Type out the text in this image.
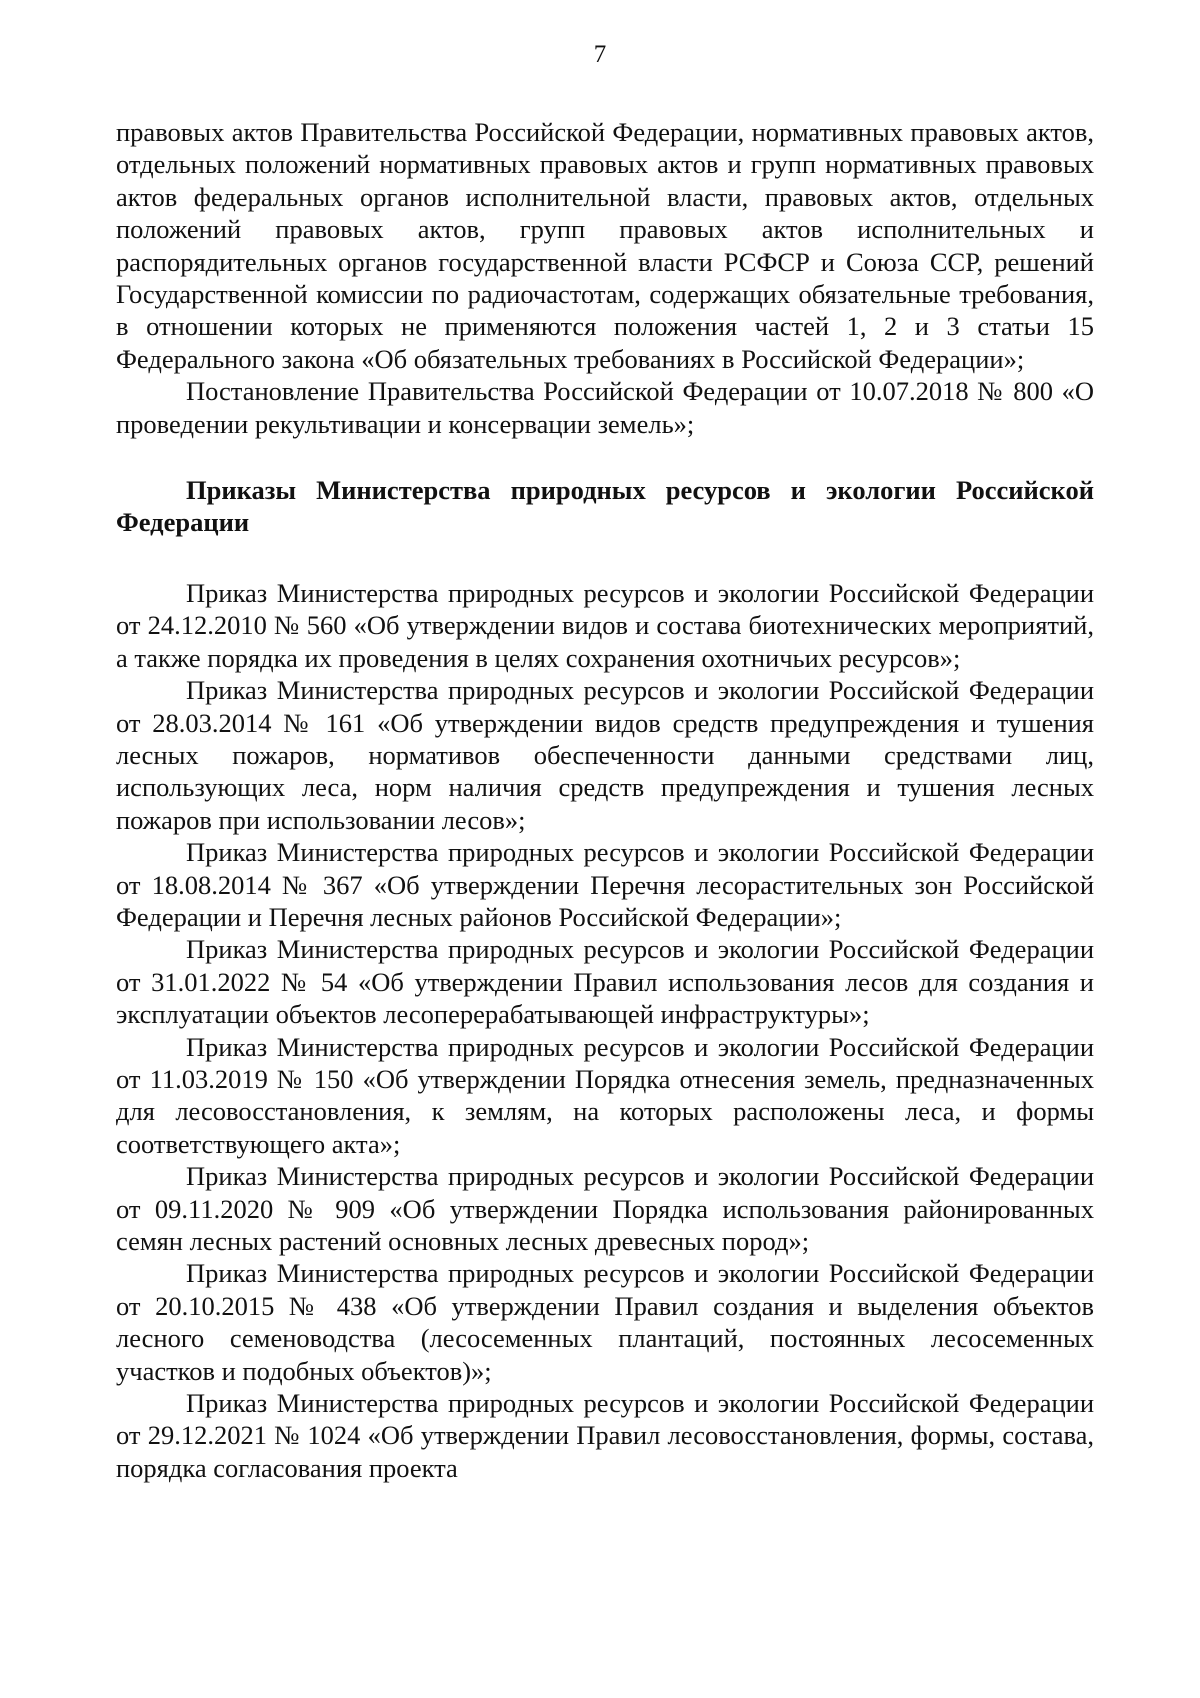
7

правовых актов Правительства Российской Федерации, нормативных правовых актов, отдельных положений нормативных правовых актов и групп нормативных правовых актов федеральных органов исполнительной власти, правовых актов, отдельных положений правовых актов, групп правовых актов исполнительных и распорядительных органов государственной власти РСФСР и Союза ССР, решений Государственной комиссии по радиочастотам, содержащих обязательные требования, в отношении которых не применяются положения частей 1, 2 и 3 статьи 15 Федерального закона «Об обязательных требованиях в Российской Федерации»;

Постановление Правительства Российской Федерации от 10.07.2018 № 800 «О проведении рекультивации и консервации земель»;

Приказы Министерства природных ресурсов и экологии Российской Федерации

Приказ Министерства природных ресурсов и экологии Российской Федерации от 24.12.2010 № 560 «Об утверждении видов и состава биотехнических мероприятий, а также порядка их проведения в целях сохранения охотничьих ресурсов»;

Приказ Министерства природных ресурсов и экологии Российской Федерации от 28.03.2014 № 161 «Об утверждении видов средств предупреждения и тушения лесных пожаров, нормативов обеспеченности данными средствами лиц, использующих леса, норм наличия средств предупреждения и тушения лесных пожаров при использовании лесов»;

Приказ Министерства природных ресурсов и экологии Российской Федерации от 18.08.2014 № 367 «Об утверждении Перечня лесорастительных зон Российской Федерации и Перечня лесных районов Российской Федерации»;

Приказ Министерства природных ресурсов и экологии Российской Федерации от 31.01.2022 № 54 «Об утверждении Правил использования лесов для создания и эксплуатации объектов лесоперерабатывающей инфраструктуры»;

Приказ Министерства природных ресурсов и экологии Российской Федерации от 11.03.2019 № 150 «Об утверждении Порядка отнесения земель, предназначенных для лесовосстановления, к землям, на которых расположены леса, и формы соответствующего акта»;

Приказ Министерства природных ресурсов и экологии Российской Федерации от 09.11.2020 № 909 «Об утверждении Порядка использования районированных семян лесных растений основных лесных древесных пород»;

Приказ Министерства природных ресурсов и экологии Российской Федерации от 20.10.2015 № 438 «Об утверждении Правил создания и выделения объектов лесного семеноводства (лесосеменных плантаций, постоянных лесосеменных участков и подобных объектов)»;

Приказ Министерства природных ресурсов и экологии Российской Федерации от 29.12.2021 № 1024 «Об утверждении Правил лесовосстановления, формы, состава, порядка согласования проекта
